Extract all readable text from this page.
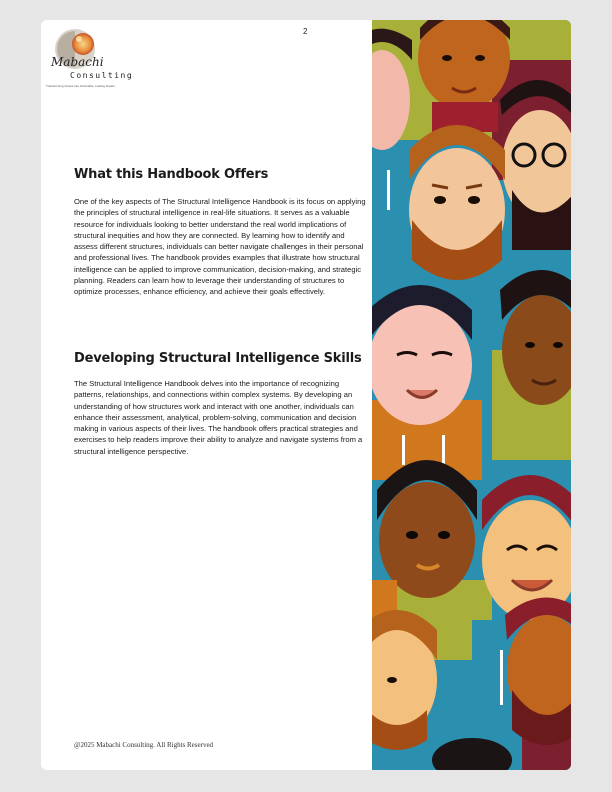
2
Mabachi
Consulting
Transforming Voices into Actionable, Lasting Impact
What this Handbook Offers

One of the key aspects of The Structural Intelligence Handbook is its focus on applying the principles of structural intelligence in real-life situations. It serves as a valuable resource for individuals looking to better understand the real world implications of structural inequities and how they are connected. By learning how to identify and assess different structures, individuals can better navigate challenges in their personal and professional lives. The handbook provides examples that illustrate how structural intelligence can be applied to improve communication, decision-making, and strategic planning. Readers can learn how to leverage their understanding of structures to optimize processes, enhance efficiency, and achieve their goals effectively.

Developing Structural Intelligence Skills

The Structural Intelligence Handbook delves into the importance of recognizing patterns, relationships, and connections within complex systems. By developing an understanding of how structures work and interact with one another, individuals can enhance their assessment, analytical, problem-solving, communication and decision making in various aspects of their lives. The handbook offers practical strategies and exercises to help readers improve their ability to analyze and navigate systems from a structural intelligence perspective.

@2025 Mabachi Consulting. All Rights Reserved
